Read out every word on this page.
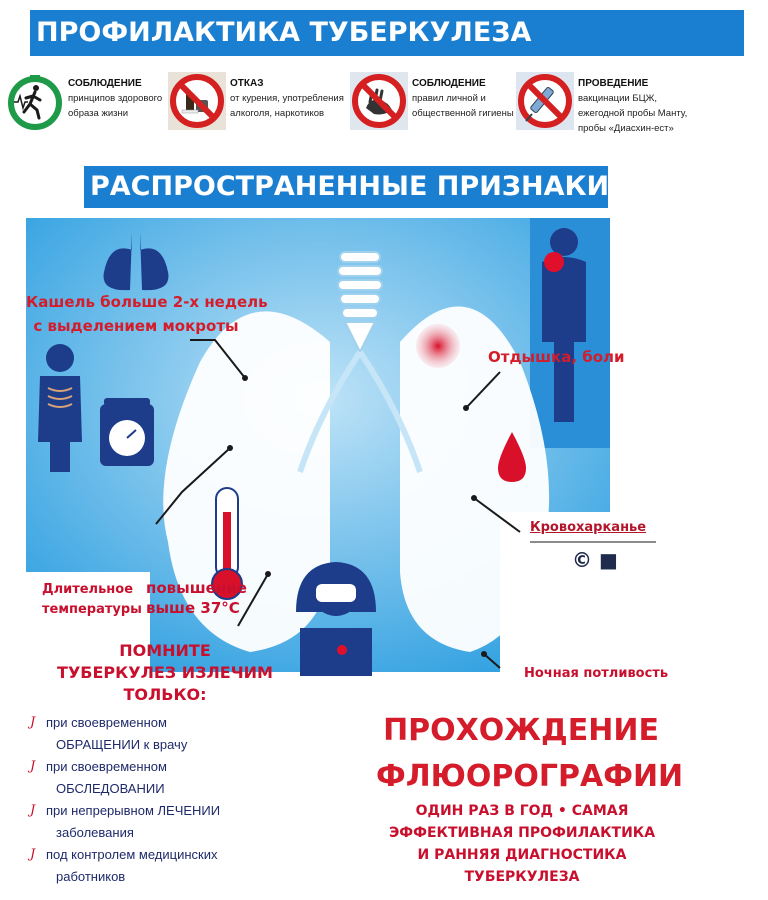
ПРОФИЛАКТИКА ТУБЕРКУЛЕЗА
СОБЛЮДЕНИЕ
принципов здорового
образа жизни
ОТКАЗ
от курения, употребления
алкоголя, наркотиков
СОБЛЮДЕНИЕ
правил личной и
общественной гигиены
ПРОВЕДЕНИЕ
вакцинации БЦЖ,
ежегодной пробы Манту,
пробы «Диасхин-ест»
РАСПРОСТРАНЕННЫЕ ПРИЗНАКИ
Кашель больше 2-х недель
с выделением мокроты
Отдышка, боли
Кровохарканье
© ■
Длительное
температуры
повышение
выше 37°С
Ночная потливость
ПОМНИТЕ
ТУБЕРКУЛЕЗ ИЗЛЕЧИМ
ТОЛЬКО:
J при своевременном
ОБРАЩЕНИИ к врачу
J при своевременном
ОБСЛЕДОВАНИИ
J при непрерывном ЛЕЧЕНИИ
заболевания
J под контролем медицинских
работников
ПРОХОЖДЕНИЕ
ФЛЮОРОГРАФИИ
ОДИН РАЗ В ГОД • САМАЯ
ЭФФЕКТИВНАЯ ПРОФИЛАКТИКА
И РАННЯЯ ДИАГНОСТИКА
ТУБЕРКУЛЕЗА
